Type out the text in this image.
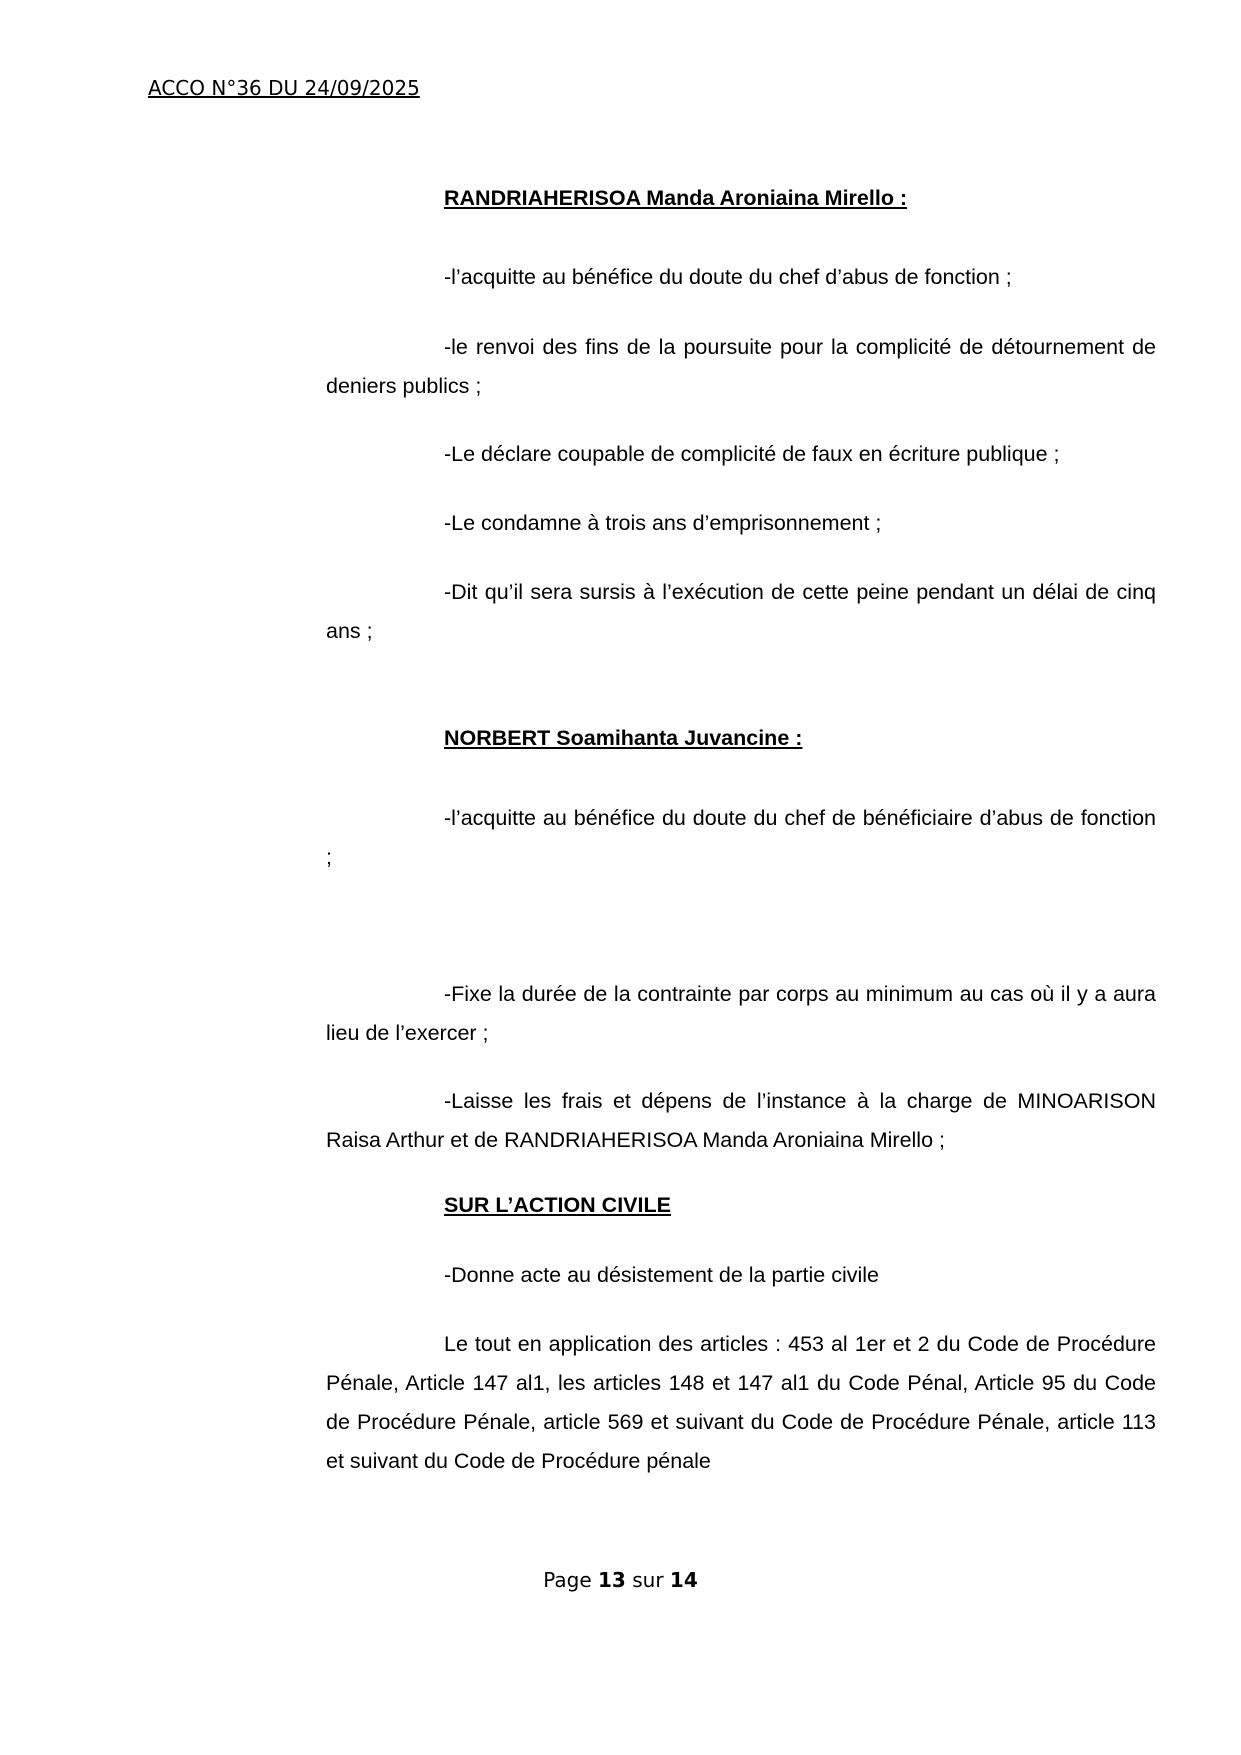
ACCO N°36 DU 24/09/2025
RANDRIAHERISOA Manda Aroniaina Mirello :
-l’acquitte au bénéfice du doute du chef d’abus de fonction ;
-le renvoi des fins de la poursuite pour la complicité de détournement de deniers publics ;
-Le déclare coupable de complicité de faux en écriture publique ;
-Le condamne à trois ans d’emprisonnement ;
-Dit qu’il sera sursis à l’exécution de cette peine pendant un délai de cinq ans ;
NORBERT Soamihanta Juvancine :
-l’acquitte au bénéfice du doute du chef de bénéficiaire d’abus de fonction ;
-Fixe la durée de la contrainte par corps au minimum au cas où il y a aura lieu de l’exercer ;
-Laisse les frais et dépens de l’instance à la charge de MINOARISON Raisa Arthur et de RANDRIAHERISOA Manda Aroniaina Mirello ;
SUR L’ACTION CIVILE
-Donne acte au désistement de la partie civile
Le tout en application des articles : 453 al 1er et 2 du Code de Procédure Pénale, Article 147 al1, les articles 148 et 147 al1 du Code Pénal, Article 95 du Code de Procédure Pénale, article 569 et suivant du Code de Procédure Pénale, article 113 et suivant du Code de Procédure pénale
Page 13 sur 14
